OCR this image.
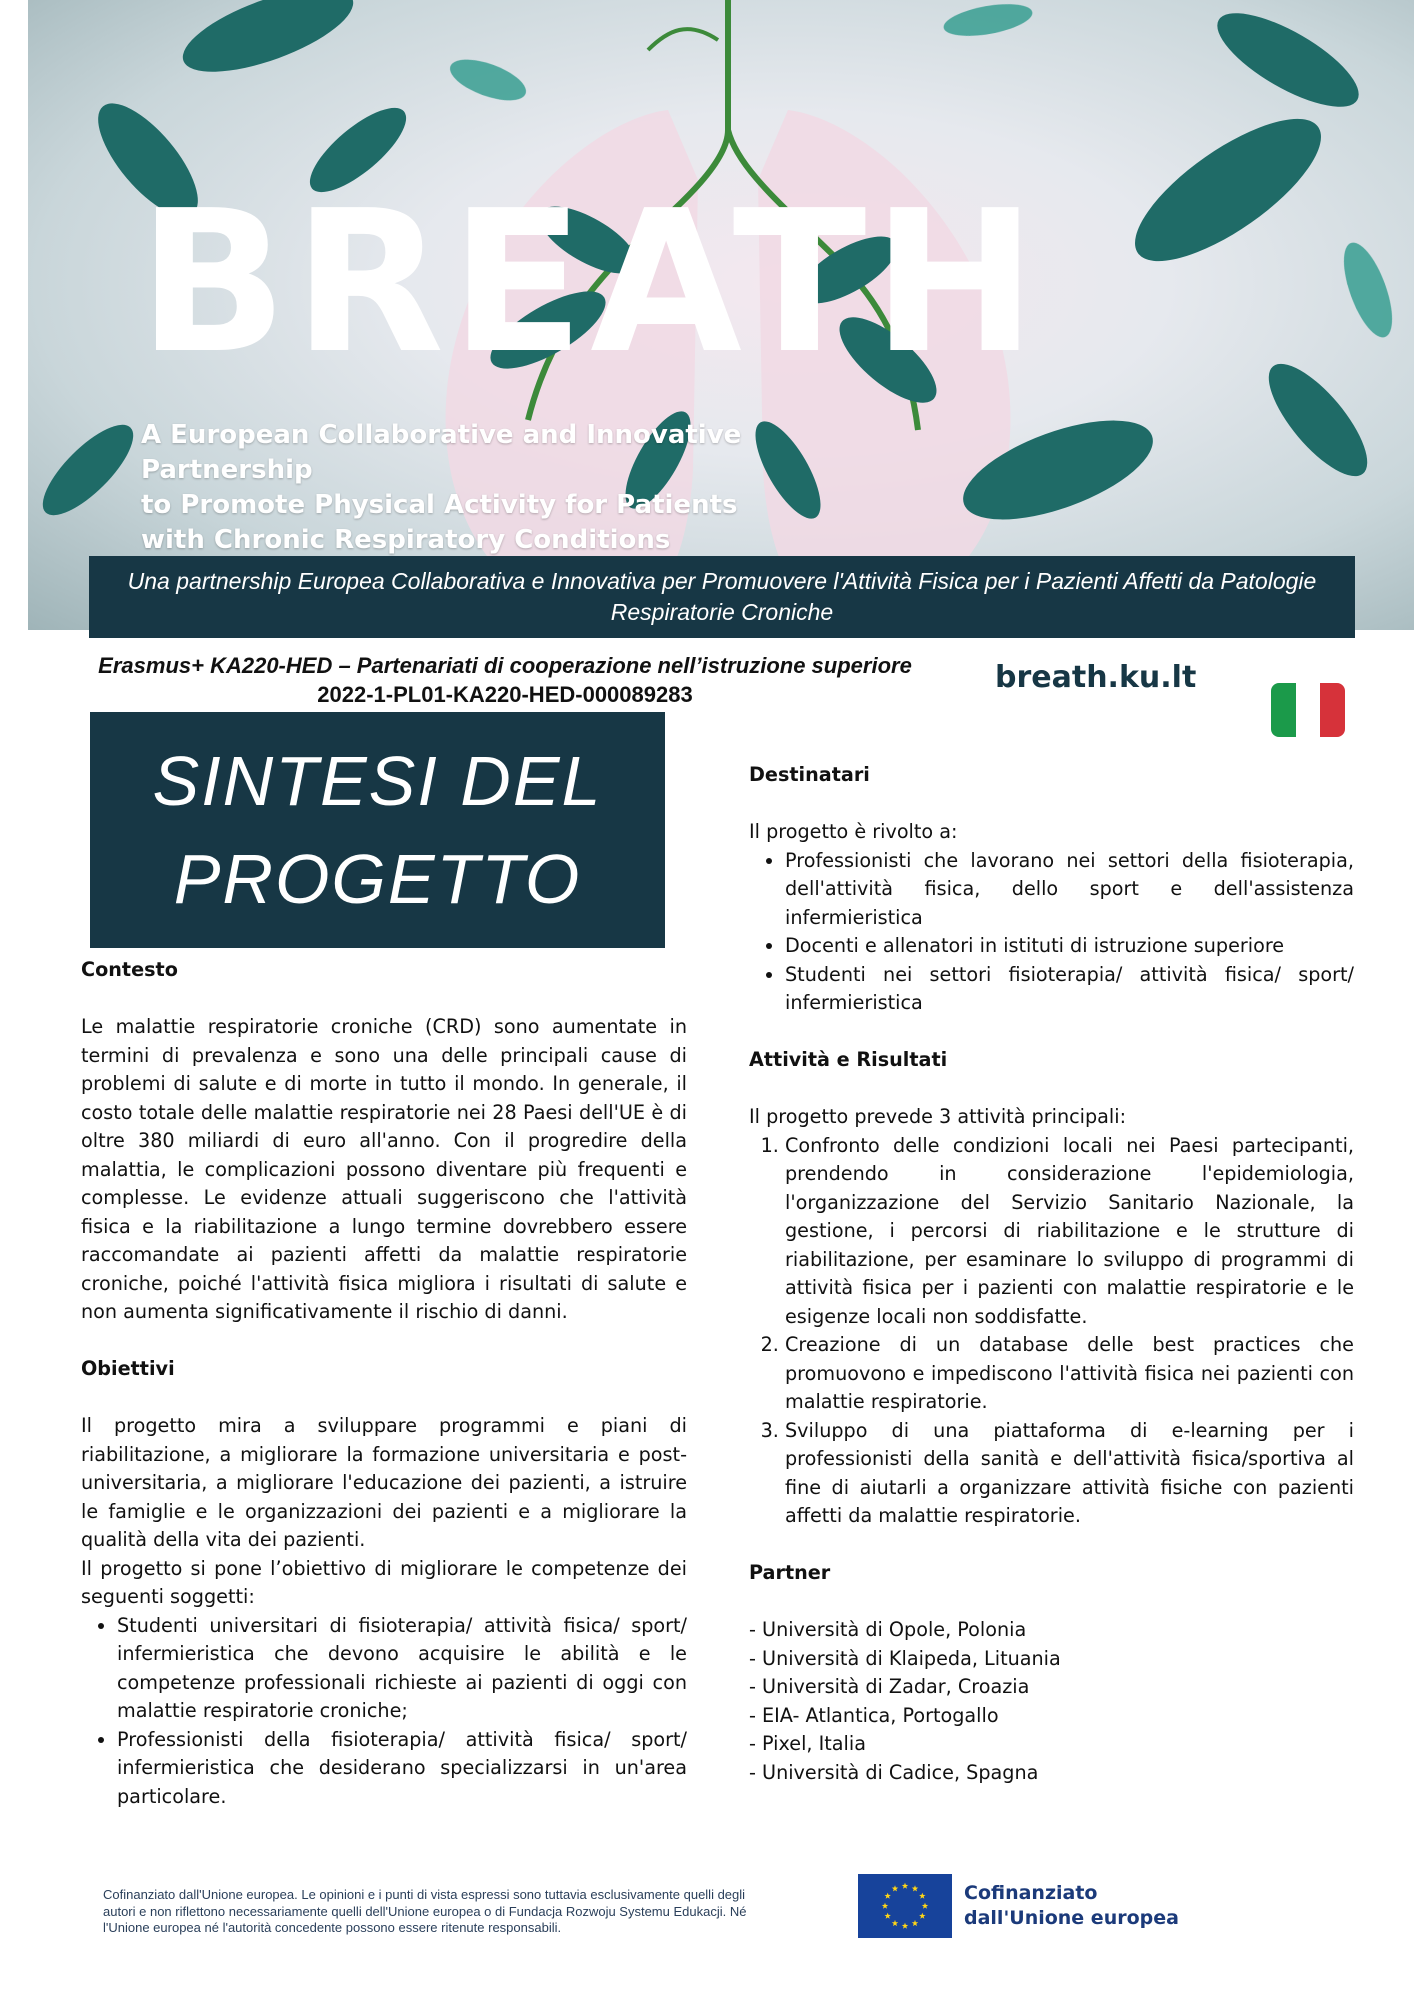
BREATH
A European Collaborative and Innovative Partnership
to Promote Physical Activity for Patients
with Chronic Respiratory Conditions

Una partnership Europea Collaborativa e Innovativa per Promuovere l'Attività Fisica per i Pazienti Affetti da Patologie Respiratorie Croniche

Erasmus+ KA220-HED – Partenariati di cooperazione nell’istruzione superiore
2022-1-PL01-KA220-HED-000089283	breath.ku.lt
SINTESI DEL
PROGETTO
Contesto

Le malattie respiratorie croniche (CRD) sono aumentate in termini di prevalenza e sono una delle principali cause di problemi di salute e di morte in tutto il mondo. In generale, il costo totale delle malattie respiratorie nei 28 Paesi dell'UE è di oltre 380 miliardi di euro all'anno. Con il progredire della malattia, le complicazioni possono diventare più frequenti e complesse. Le evidenze attuali suggeriscono che l'attività fisica e la riabilitazione a lungo termine dovrebbero essere raccomandate ai pazienti affetti da malattie respiratorie croniche, poiché l'attività fisica migliora i risultati di salute e non aumenta significativamente il rischio di danni.

Obiettivi

Il progetto mira a sviluppare programmi e piani di riabilitazione, a migliorare la formazione universitaria e post-universitaria, a migliorare l'educazione dei pazienti, a istruire le famiglie e le organizzazioni dei pazienti e a migliorare la qualità della vita dei pazienti.

Il progetto si pone l’obiettivo di migliorare le competenze dei seguenti soggetti:

• Studenti universitari di fisioterapia/ attività fisica/ sport/ infermieristica che devono acquisire le abilità e le competenze professionali richieste ai pazienti di oggi con malattie respiratorie croniche;
• Professionisti della fisioterapia/ attività fisica/ sport/ infermieristica che desiderano specializzarsi in un'area particolare.
Destinatari

Il progetto è rivolto a:

• Professionisti che lavorano nei settori della fisioterapia, dell'attività fisica, dello sport e dell'assistenza infermieristica
• Docenti e allenatori in istituti di istruzione superiore
• Studenti nei settori fisioterapia/ attività fisica/ sport/ infermieristica
Attività e Risultati

Il progetto prevede 3 attività principali:

1. Confronto delle condizioni locali nei Paesi partecipanti, prendendo in considerazione l'epidemiologia, l'organizzazione del Servizio Sanitario Nazionale, la gestione, i percorsi di riabilitazione e le strutture di riabilitazione, per esaminare lo sviluppo di programmi di attività fisica per i pazienti con malattie respiratorie e le esigenze locali non soddisfatte.
2. Creazione di un database delle best practices che promuovono e impediscono l'attività fisica nei pazienti con malattie respiratorie.
3. Sviluppo di una piattaforma di e-learning per i professionisti della sanità e dell'attività fisica/sportiva al fine di aiutarli a organizzare attività fisiche con pazienti affetti da malattie respiratorie.
Partner
- Università di Opole, Polonia
- Università di Klaipeda, Lituania
- Università di Zadar, Croazia
- EIA- Atlantica, Portogallo
- Pixel, Italia
- Università di Cadice, Spagna

Cofinanziato dall'Unione europea. Le opinioni e i punti di vista espressi sono tuttavia esclusivamente quelli degli autori e non riflettono necessariamente quelli dell'Unione europea o di Fundacja Rozwoju Systemu Edukacji. Né l'Unione europea né l'autorità concedente possono essere ritenute responsabili.

Cofinanziato
dall'Unione europea
